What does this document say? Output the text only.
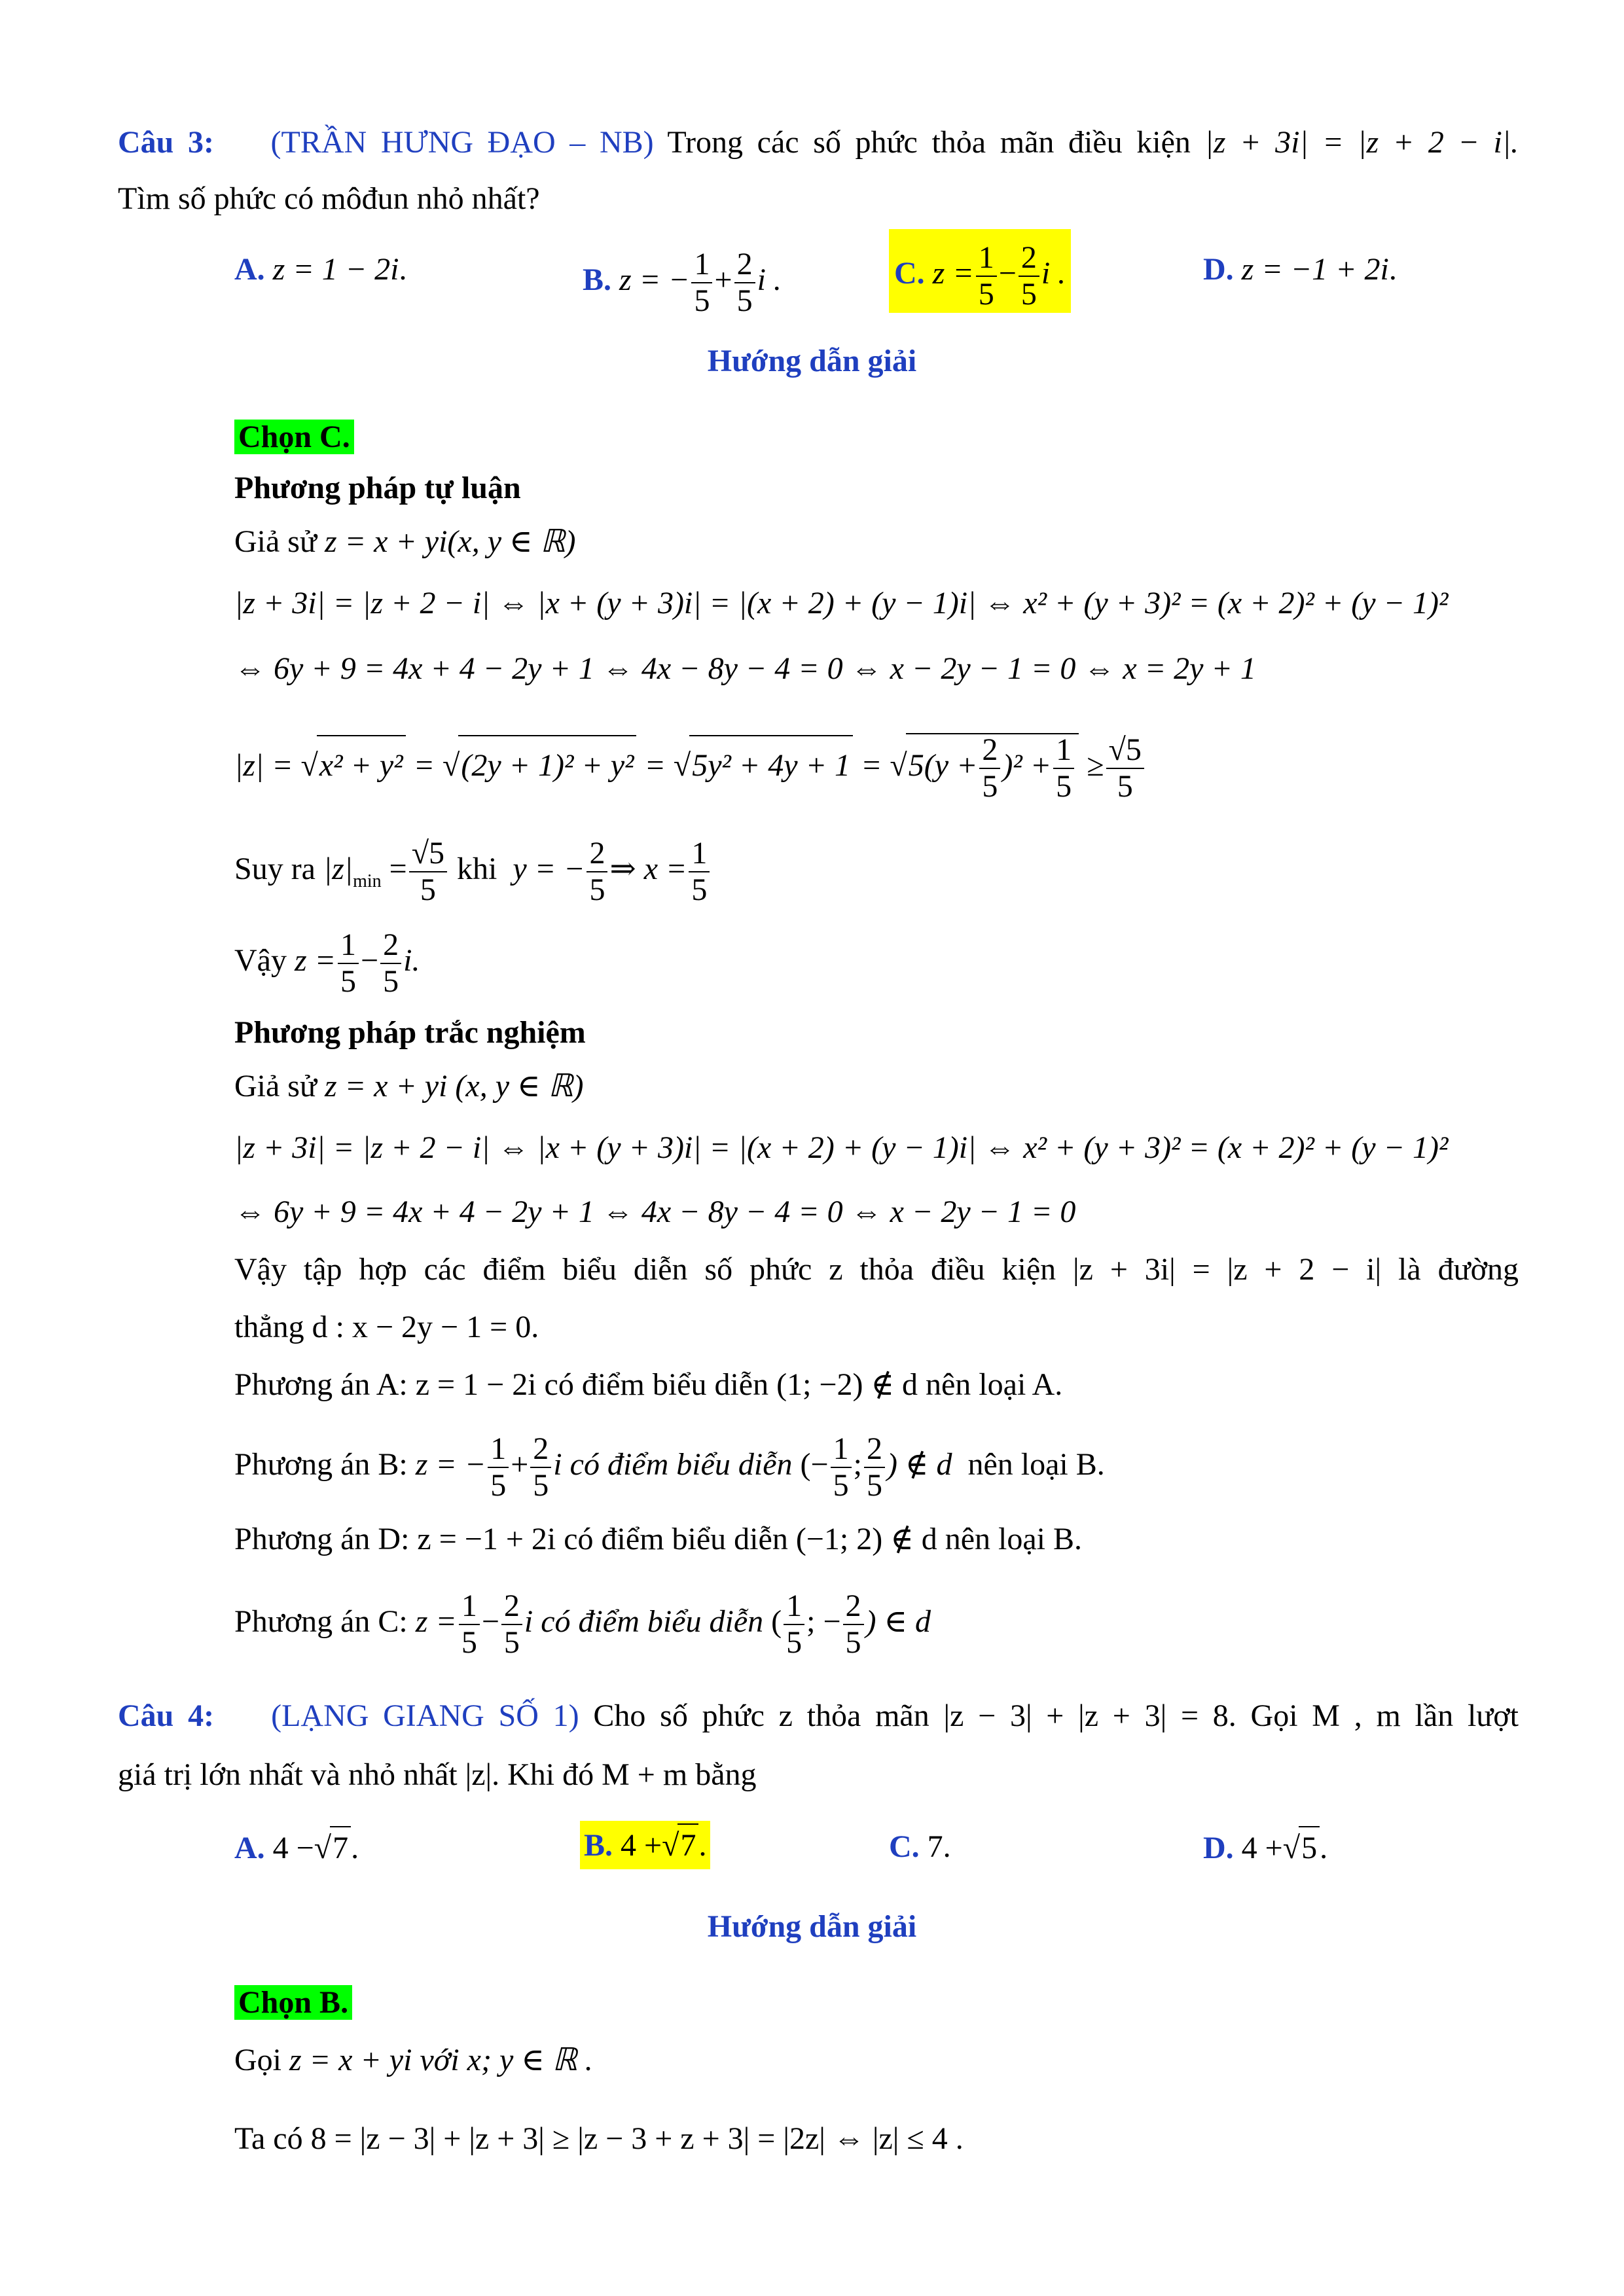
Câu 3: (TRẦN HƯNG ĐẠO – NB) Trong các số phức thỏa mãn điều kiện |z + 3i| = |z + 2 − i|.
Tìm số phức có môđun nhỏ nhất?
A. z = 1 − 2i.	B. z = − $\frac{1}{5} + \frac{2}{5}$ i .	C. $z = \frac{1}{5} - \frac{2}{5}$ i .	D. z = −1 + 2i.
Hướng dẫn giải
Chọn C.
Phương pháp tự luận
Giả sử z = x + yi(x, y ∈ ℝ)
|z + 3i| = |z + 2 − i| ⇔ |x + (y + 3)i| = |(x + 2) + (y − 1)i| ⇔ x² + (y + 3)² = (x + 2)² + (y − 1)²
⇔ 6y + 9 = 4x + 4 − 2y + 1 ⇔ 4x − 8y − 4 = 0 ⇔ x − 2y − 1 = 0 ⇔ x = 2y + 1
$|z| = √x^2 + y^2 = √(2y + 1)^2 + y^2 = √5y^2 + 4y + 1 = √5(y + \frac{2}{5} )^2 + \frac{1}{5} \ge \frac{√5}{5}$
Suy ra $|z|_{min} = \frac{√5}{5}$ khi y = − $\frac{2}{5}$ ⇒ $x = \frac{1}{5}$
Vậy $z = \frac{1}{5} - \frac{2}{5} i$.
Phương pháp trắc nghiệm
Giả sử z = x + yi (x, y ∈ ℝ)
|z + 3i| = |z + 2 − i| ⇔ |x + (y + 3)i| = |(x + 2) + (y − 1)i| ⇔ x² + (y + 3)² = (x + 2)² + (y − 1)²
⇔ 6y + 9 = 4x + 4 − 2y + 1 ⇔ 4x − 8y − 4 = 0 ⇔ x − 2y − 1 = 0
Vậy tập hợp các điểm biểu diễn số phức z thỏa điều kiện |z + 3i| = |z + 2 − i| là đường
thẳng d : x − 2y − 1 = 0.
Phương án A: z = 1 − 2i có điểm biểu diễn (1; −2) ∉ d nên loại A.
Phương án B: z = − $\frac{1}{5} + \frac{2}{5}$ i có điểm biểu diễn (− $\frac{1}{5}$ ; $\frac{2}{5}$ ) ∉ d nên loại B.
Phương án D: z = −1 + 2i có điểm biểu diễn (−1; 2) ∉ d nên loại B.
Phương án C: $z = \frac{1}{5} - \frac{2}{5}$ i có điểm biểu diễn ( $\frac{1}{5}$ ; − $\frac{2}{5}$ ) ∈ d
Câu 4: (LẠNG GIANG SỐ 1) Cho số phức z thỏa mãn |z − 3| + |z + 3| = 8. Gọi M , m lần lượt
giá trị lớn nhất và nhỏ nhất |z|. Khi đó M + m bằng
A. 4 −√7.	B. 4 +√7.	C. 7.	D. 4 +√5.
Hướng dẫn giải
Chọn B.
Gọi z = x + yi với x; y ∈ ℝ .
Ta có 8 = |z − 3| + |z + 3| ≥ |z − 3 + z + 3| = |2z| ⇔ |z| ≤ 4 .
